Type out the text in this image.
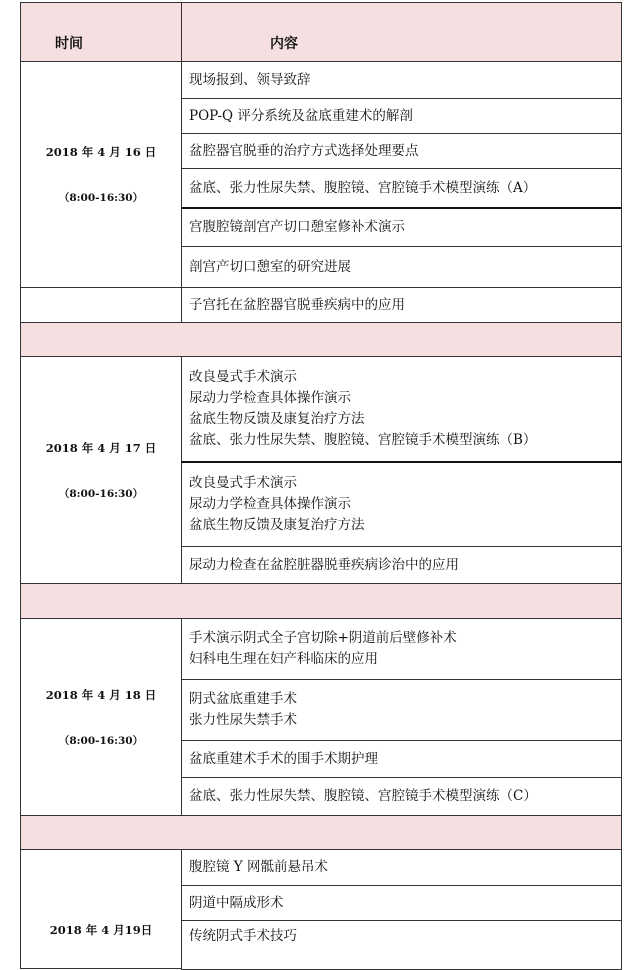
时间	内容
2018 年 4 月 16 日
（8:00-16:30）
现场报到、领导致辞
POP-Q 评分系统及盆底重建术的解剖
盆腔器官脱垂的治疗方式选择处理要点
盆底、张力性尿失禁、腹腔镜、宫腔镜手术模型演练（A）
宫腹腔镜剖宫产切口憩室修补术演示
剖宫产切口憩室的研究进展
子宫托在盆腔器官脱垂疾病中的应用
2018 年 4 月 17 日
（8:00-16:30）
改良曼式手术演示
尿动力学检查具体操作演示
盆底生物反馈及康复治疗方法
盆底、张力性尿失禁、腹腔镜、宫腔镜手术模型演练（B）
改良曼式手术演示
尿动力学检查具体操作演示
盆底生物反馈及康复治疗方法
尿动力检查在盆腔脏器脱垂疾病诊治中的应用
2018 年 4 月 18 日
（8:00-16:30）
手术演示阴式全子宫切除+阴道前后壁修补术
妇科电生理在妇产科临床的应用
阴式盆底重建手术
张力性尿失禁手术
盆底重建术手术的围手术期护理
盆底、张力性尿失禁、腹腔镜、宫腔镜手术模型演练（C）
2018 年 4 月19日
腹腔镜 Y 网骶前悬吊术
阴道中隔成形术
传统阴式手术技巧
